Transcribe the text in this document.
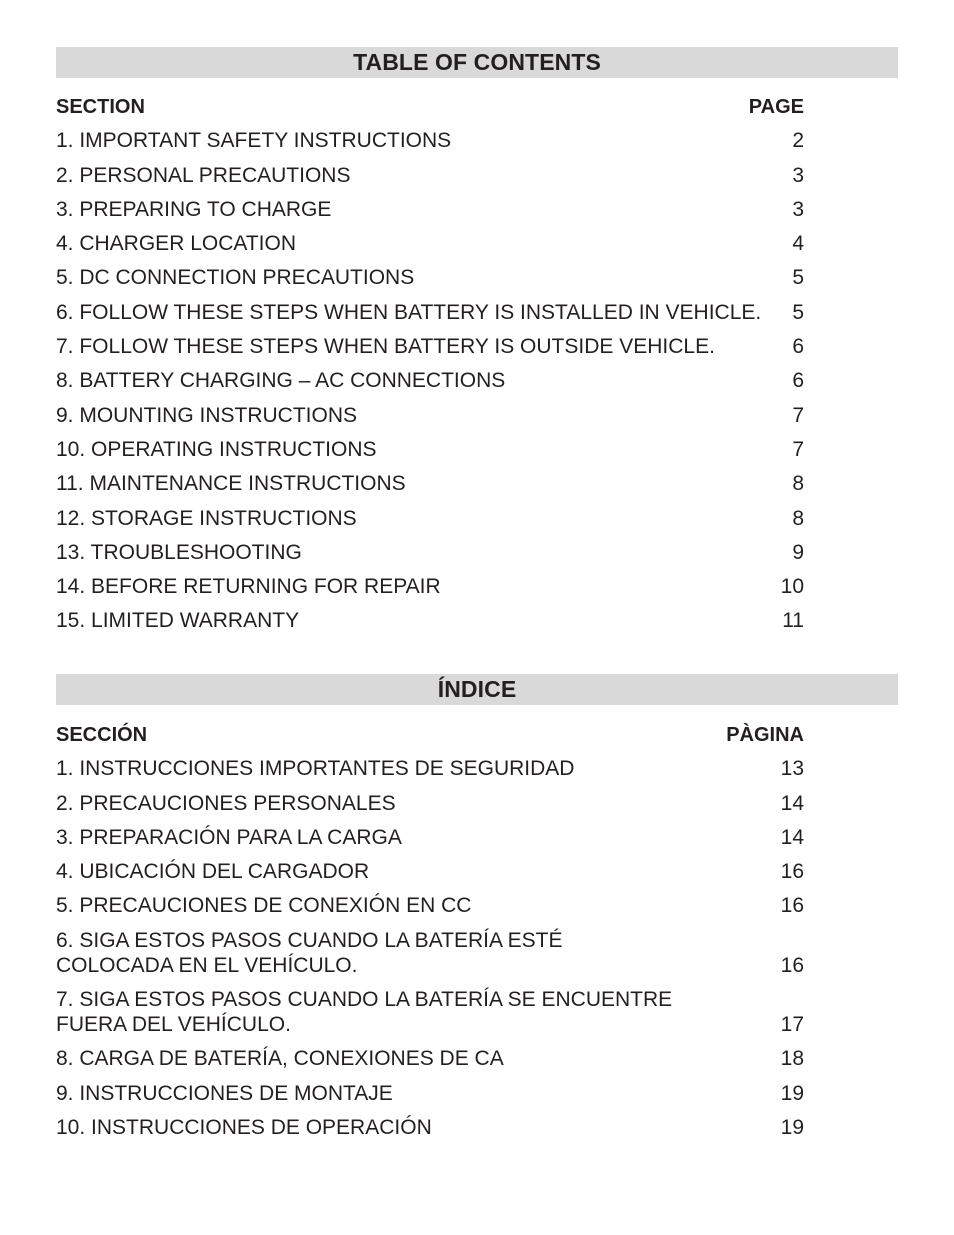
TABLE OF CONTENTS
SECTION	PAGE
1. IMPORTANT SAFETY INSTRUCTIONS	2
2. PERSONAL PRECAUTIONS	3
3. PREPARING TO CHARGE	3
4. CHARGER LOCATION	4
5. DC CONNECTION PRECAUTIONS	5
6. FOLLOW THESE STEPS WHEN BATTERY IS INSTALLED IN VEHICLE.	5
7. FOLLOW THESE STEPS WHEN BATTERY IS OUTSIDE VEHICLE.	6
8. BATTERY CHARGING – AC CONNECTIONS	6
9. MOUNTING INSTRUCTIONS	7
10. OPERATING INSTRUCTIONS	7
11. MAINTENANCE INSTRUCTIONS	8
12. STORAGE INSTRUCTIONS	8
13. TROUBLESHOOTING	9
14. BEFORE RETURNING FOR REPAIR	10
15. LIMITED WARRANTY	11
ÍNDICE
SECCIÓN	PÀGINA
1. INSTRUCCIONES IMPORTANTES DE SEGURIDAD	13
2. PRECAUCIONES PERSONALES	14
3. PREPARACIÓN PARA LA CARGA	14
4. UBICACIÓN DEL CARGADOR	16
5. PRECAUCIONES DE CONEXIÓN EN CC	16
6. SIGA ESTOS PASOS CUANDO LA BATERÍA ESTÉ
COLOCADA EN EL VEHÍCULO.	16
7. SIGA ESTOS PASOS CUANDO LA BATERÍA SE ENCUENTRE
FUERA DEL VEHÍCULO.	17
8. CARGA DE BATERÍA, CONEXIONES DE CA	18
9. INSTRUCCIONES DE MONTAJE	19
10. INSTRUCCIONES DE OPERACIÓN	19
